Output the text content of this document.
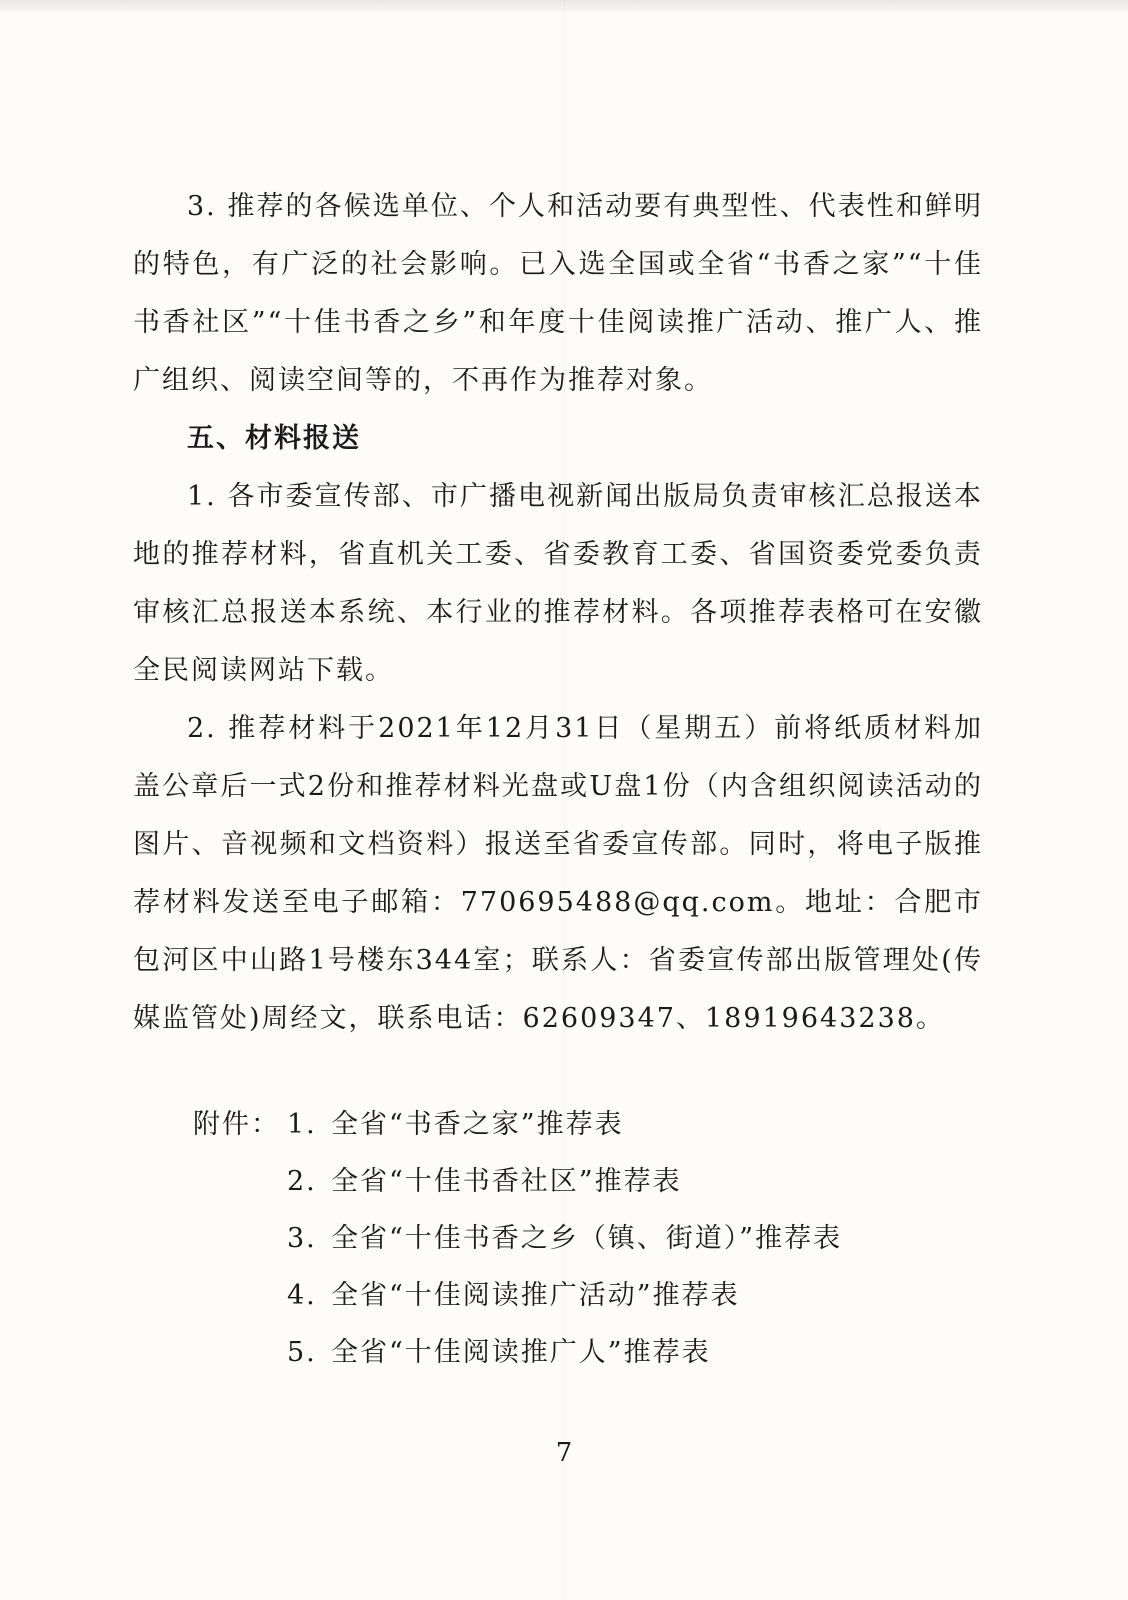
3. 推荐的各候选单位、个人和活动要有典型性、代表性和鲜明的特色，有广泛的社会影响。已入选全国或全省“书香之家”“十佳书香社区”“十佳书香之乡”和年度十佳阅读推广活动、推广人、推广组织、阅读空间等的，不再作为推荐对象。

五、材料报送

1. 各市委宣传部、市广播电视新闻出版局负责审核汇总报送本地的推荐材料，省直机关工委、省委教育工委、省国资委党委负责审核汇总报送本系统、本行业的推荐材料。各项推荐表格可在安徽全民阅读网站下载。

2. 推荐材料于2021年12月31日（星期五）前将纸质材料加盖公章后一式2份和推荐材料光盘或U盘1份（内含组织阅读活动的图片、音视频和文档资料）报送至省委宣传部。同时，将电子版推荐材料发送至电子邮箱：770695488@qq.com。地址：合肥市包河区中山路1号楼东344室；联系人：省委宣传部出版管理处(传媒监管处)周经文，联系电话：62609347、18919643238。

附件： 1. 全省“书香之家”推荐表
2. 全省“十佳书香社区”推荐表
3. 全省“十佳书香之乡（镇、街道）”推荐表
4. 全省“十佳阅读推广活动”推荐表
5. 全省“十佳阅读推广人”推荐表
7
